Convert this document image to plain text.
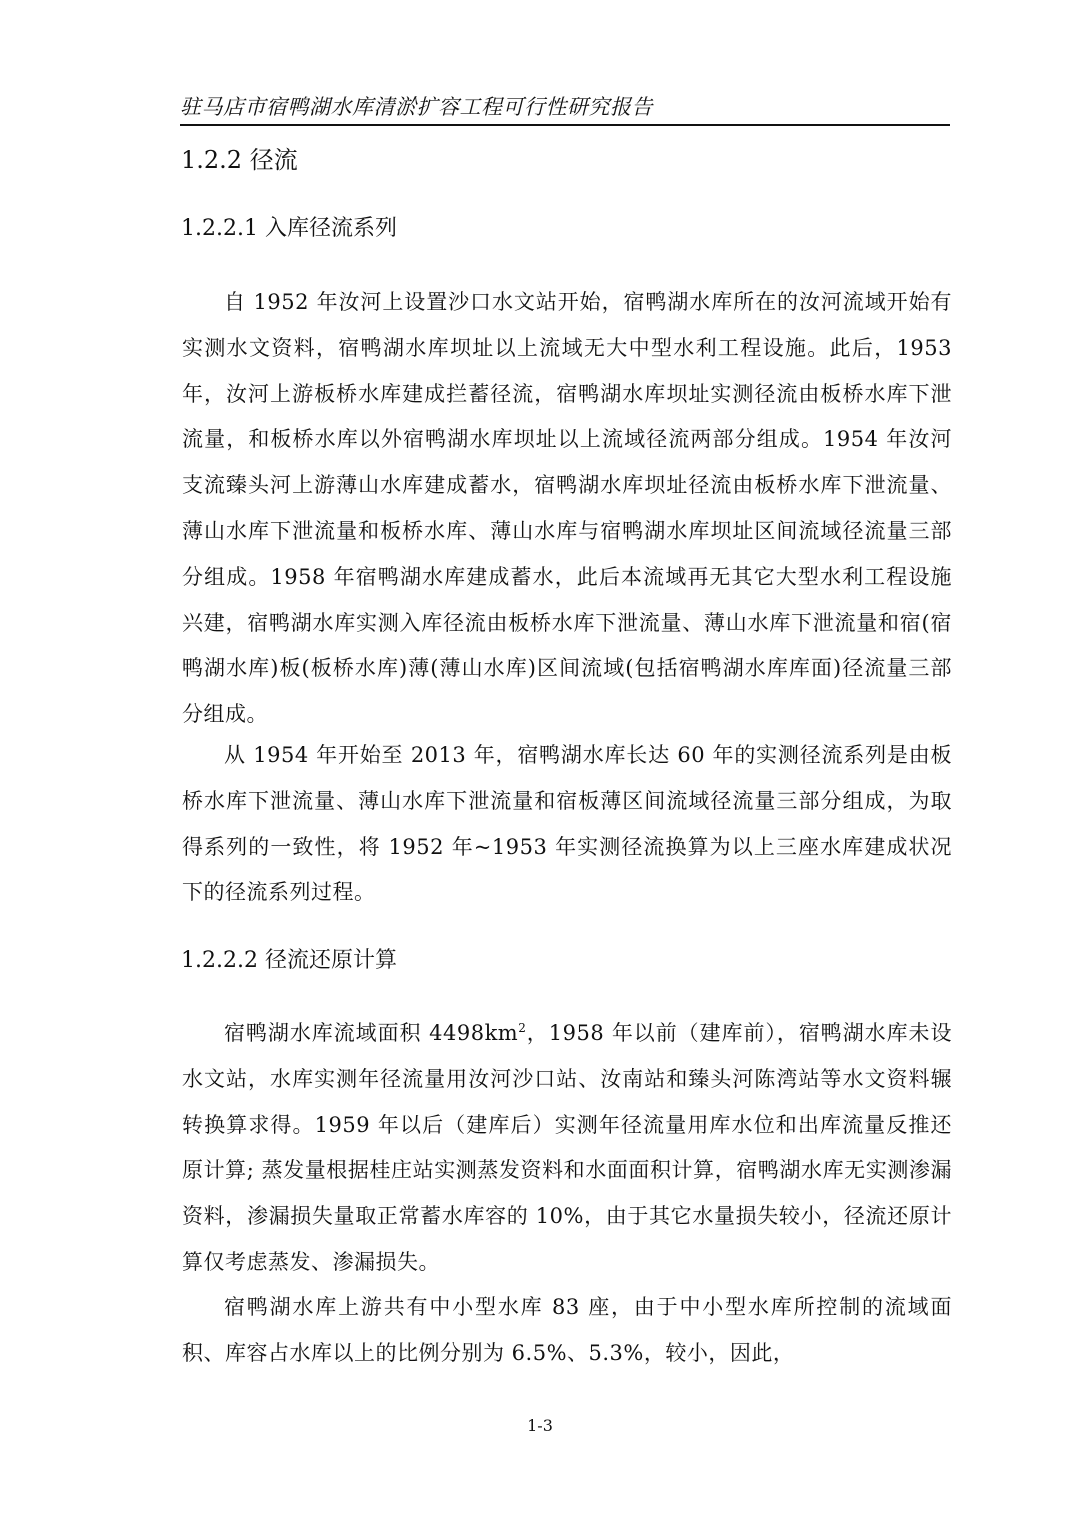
驻马店市宿鸭湖水库清淤扩容工程可行性研究报告
1.2.2 径流
1.2.2.1 入库径流系列

自 1952 年汝河上设置沙口水文站开始，宿鸭湖水库所在的汝河流域开始有实测水文资料，宿鸭湖水库坝址以上流域无大中型水利工程设施。此后，1953 年，汝河上游板桥水库建成拦蓄径流，宿鸭湖水库坝址实测径流由板桥水库下泄流量，和板桥水库以外宿鸭湖水库坝址以上流域径流两部分组成。1954 年汝河支流臻头河上游薄山水库建成蓄水，宿鸭湖水库坝址径流由板桥水库下泄流量、薄山水库下泄流量和板桥水库、薄山水库与宿鸭湖水库坝址区间流域径流量三部分组成。1958 年宿鸭湖水库建成蓄水，此后本流域再无其它大型水利工程设施兴建，宿鸭湖水库实测入库径流由板桥水库下泄流量、薄山水库下泄流量和宿(宿鸭湖水库)板(板桥水库)薄(薄山水库)区间流域(包括宿鸭湖水库库面)径流量三部分组成。

从 1954 年开始至 2013 年，宿鸭湖水库长达 60 年的实测径流系列是由板桥水库下泄流量、薄山水库下泄流量和宿板薄区间流域径流量三部分组成，为取得系列的一致性，将 1952 年~1953 年实测径流换算为以上三座水库建成状况下的径流系列过程。

1.2.2.2 径流还原计算

宿鸭湖水库流域面积 $4498km^2$，1958 年以前（建库前），宿鸭湖水库未设水文站，水库实测年径流量用汝河沙口站、汝南站和臻头河陈湾站等水文资料辗转换算求得。1959 年以后（建库后）实测年径流量用库水位和出库流量反推还原计算; 蒸发量根据桂庄站实测蒸发资料和水面面积计算，宿鸭湖水库无实测渗漏资料，渗漏损失量取正常蓄水库容的 10%，由于其它水量损失较小，径流还原计算仅考虑蒸发、渗漏损失。

宿鸭湖水库上游共有中小型水库 83 座，由于中小型水库所控制的流域面积、库容占水库以上的比例分别为 6.5%、5.3%，较小，因此，

1-3
